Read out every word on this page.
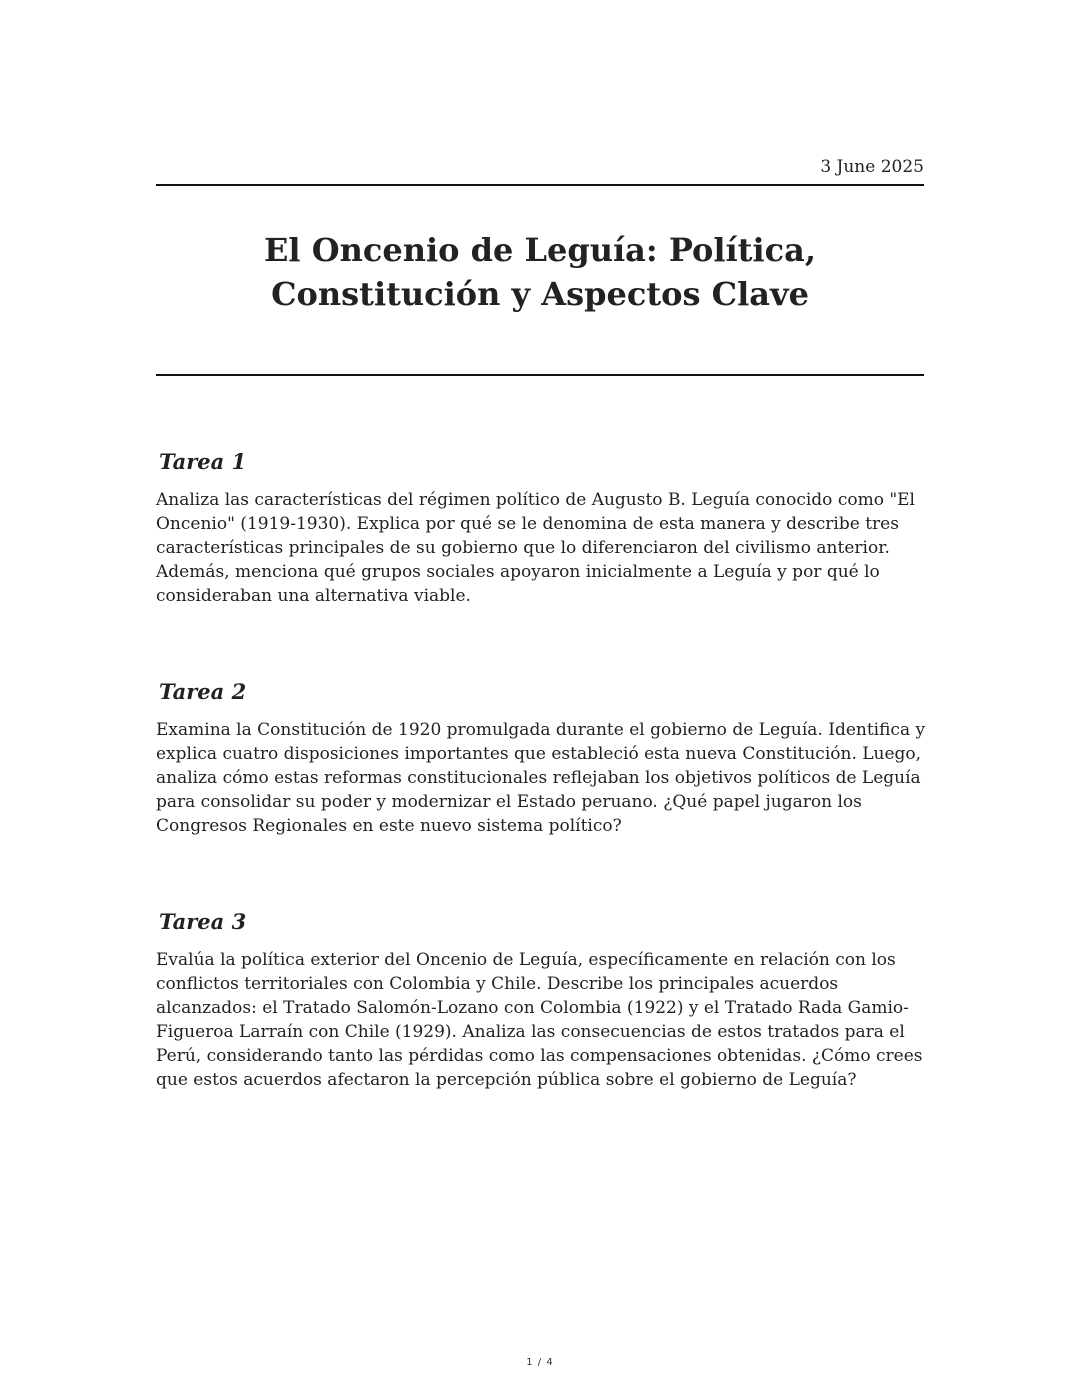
3 June 2025
El Oncenio de Leguía: Política, Constitución y Aspectos Clave
Tarea 1

Analiza las características del régimen político de Augusto B. Leguía conocido como "El Oncenio" (1919-1930). Explica por qué se le denomina de esta manera y describe tres características principales de su gobierno que lo diferenciaron del civilismo anterior. Además, menciona qué grupos sociales apoyaron inicialmente a Leguía y por qué lo consideraban una alternativa viable.

Tarea 2

Examina la Constitución de 1920 promulgada durante el gobierno de Leguía. Identifica y explica cuatro disposiciones importantes que estableció esta nueva Constitución. Luego, analiza cómo estas reformas constitucionales reflejaban los objetivos políticos de Leguía para consolidar su poder y modernizar el Estado peruano. ¿Qué papel jugaron los Congresos Regionales en este nuevo sistema político?

Tarea 3

Evalúa la política exterior del Oncenio de Leguía, específicamente en relación con los conflictos territoriales con Colombia y Chile. Describe los principales acuerdos alcanzados: el Tratado Salomón-Lozano con Colombia (1922) y el Tratado Rada Gamio-Figueroa Larraín con Chile (1929). Analiza las consecuencias de estos tratados para el Perú, considerando tanto las pérdidas como las compensaciones obtenidas. ¿Cómo crees que estos acuerdos afectaron la percepción pública sobre el gobierno de Leguía?

1 / 4
